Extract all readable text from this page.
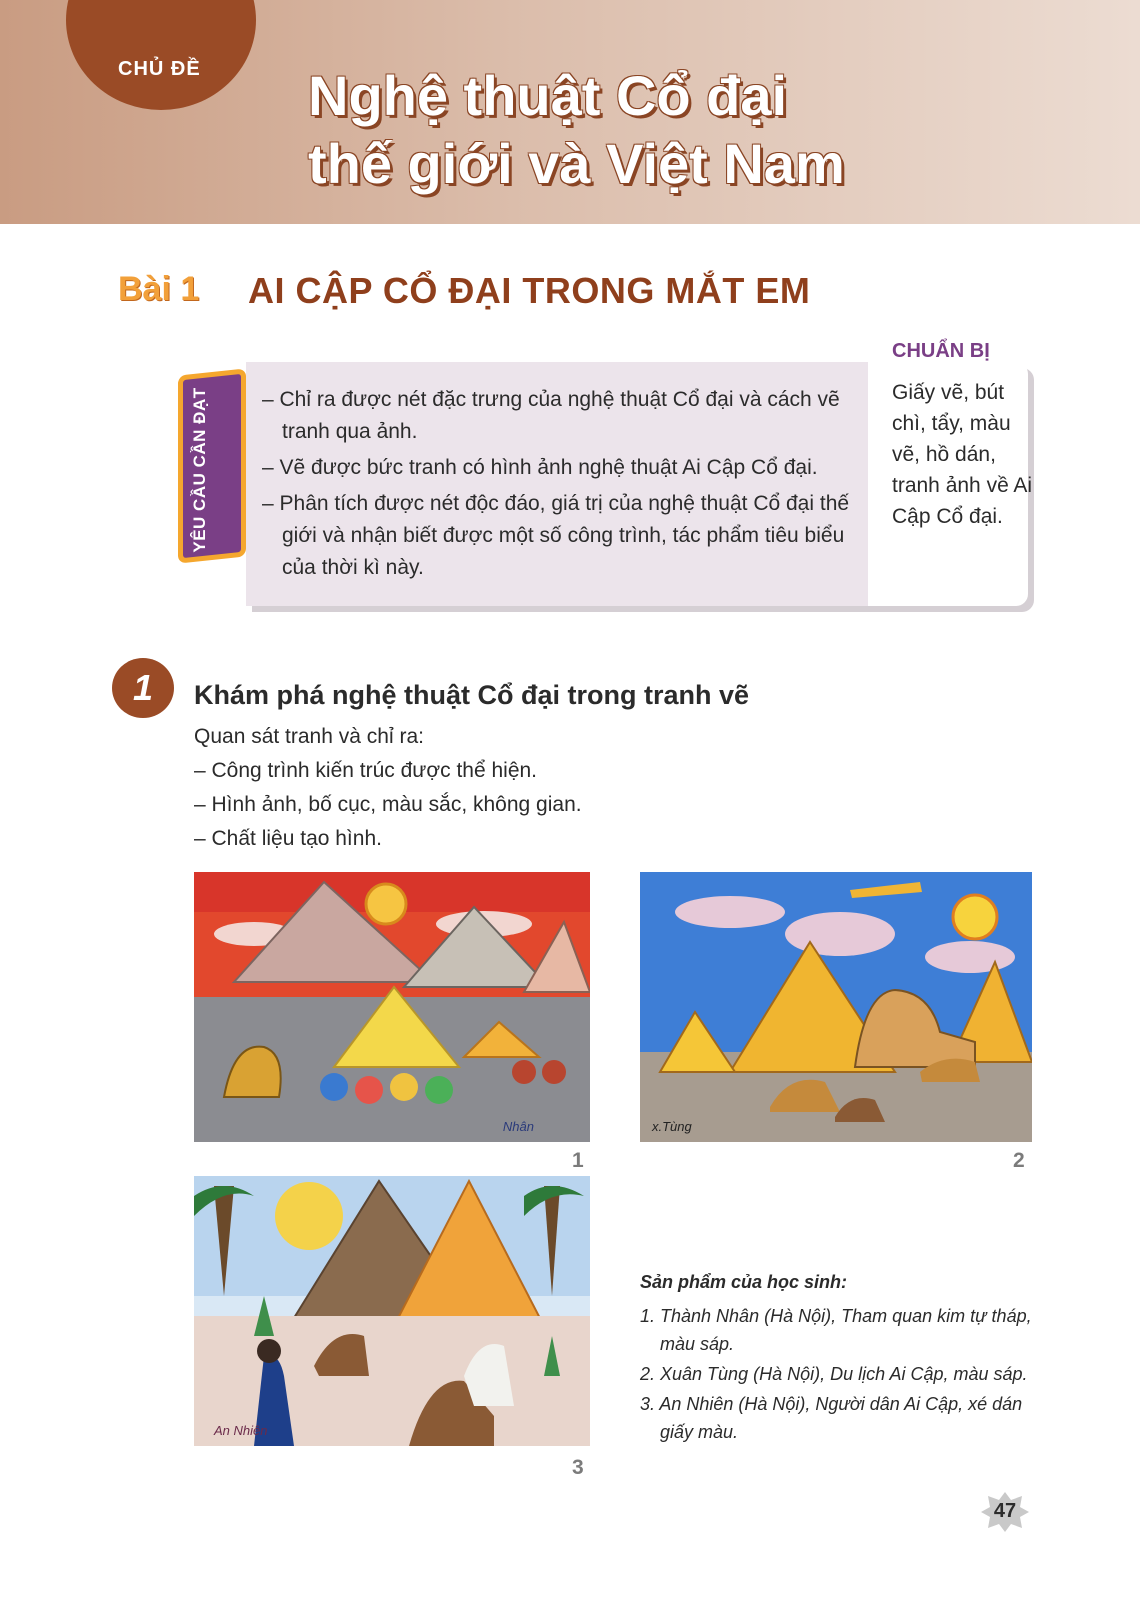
CHỦ ĐỀ Nghệ thuật Cổ đại
thế giới và Việt Nam
Bài 1 AI CẬP CỔ ĐẠI TRONG MẮT EM
YÊU CẦU CẦN ĐẠT	– Chỉ ra được nét đặc trưng của nghệ thuật Cổ đại và cách vẽ tranh qua ảnh.
– Vẽ được bức tranh có hình ảnh nghệ thuật Ai Cập Cổ đại.
– Phân tích được nét độc đáo, giá trị của nghệ thuật Cổ đại thế giới và nhận biết được một số công trình, tác phẩm tiêu biểu của thời kì này.
CHUẨN BỊ
Giấy vẽ, bút chì, tẩy, màu vẽ, hồ dán, tranh ảnh về Ai Cập Cổ đại.
1	Khám phá nghệ thuật Cổ đại trong tranh vẽ
Quan sát tranh và chỉ ra:
– Công trình kiến trúc được thể hiện.
– Hình ảnh, bố cục, màu sắc, không gian.
– Chất liệu tạo hình.
Nhân
1
x.Tùng
2
An Nhiên
3
Sản phẩm của học sinh:
1. Thành Nhân (Hà Nội), Tham quan kim tự tháp, màu sáp.
2. Xuân Tùng (Hà Nội), Du lịch Ai Cập, màu sáp.
3. An Nhiên (Hà Nội), Người dân Ai Cập, xé dán giấy màu.
47
